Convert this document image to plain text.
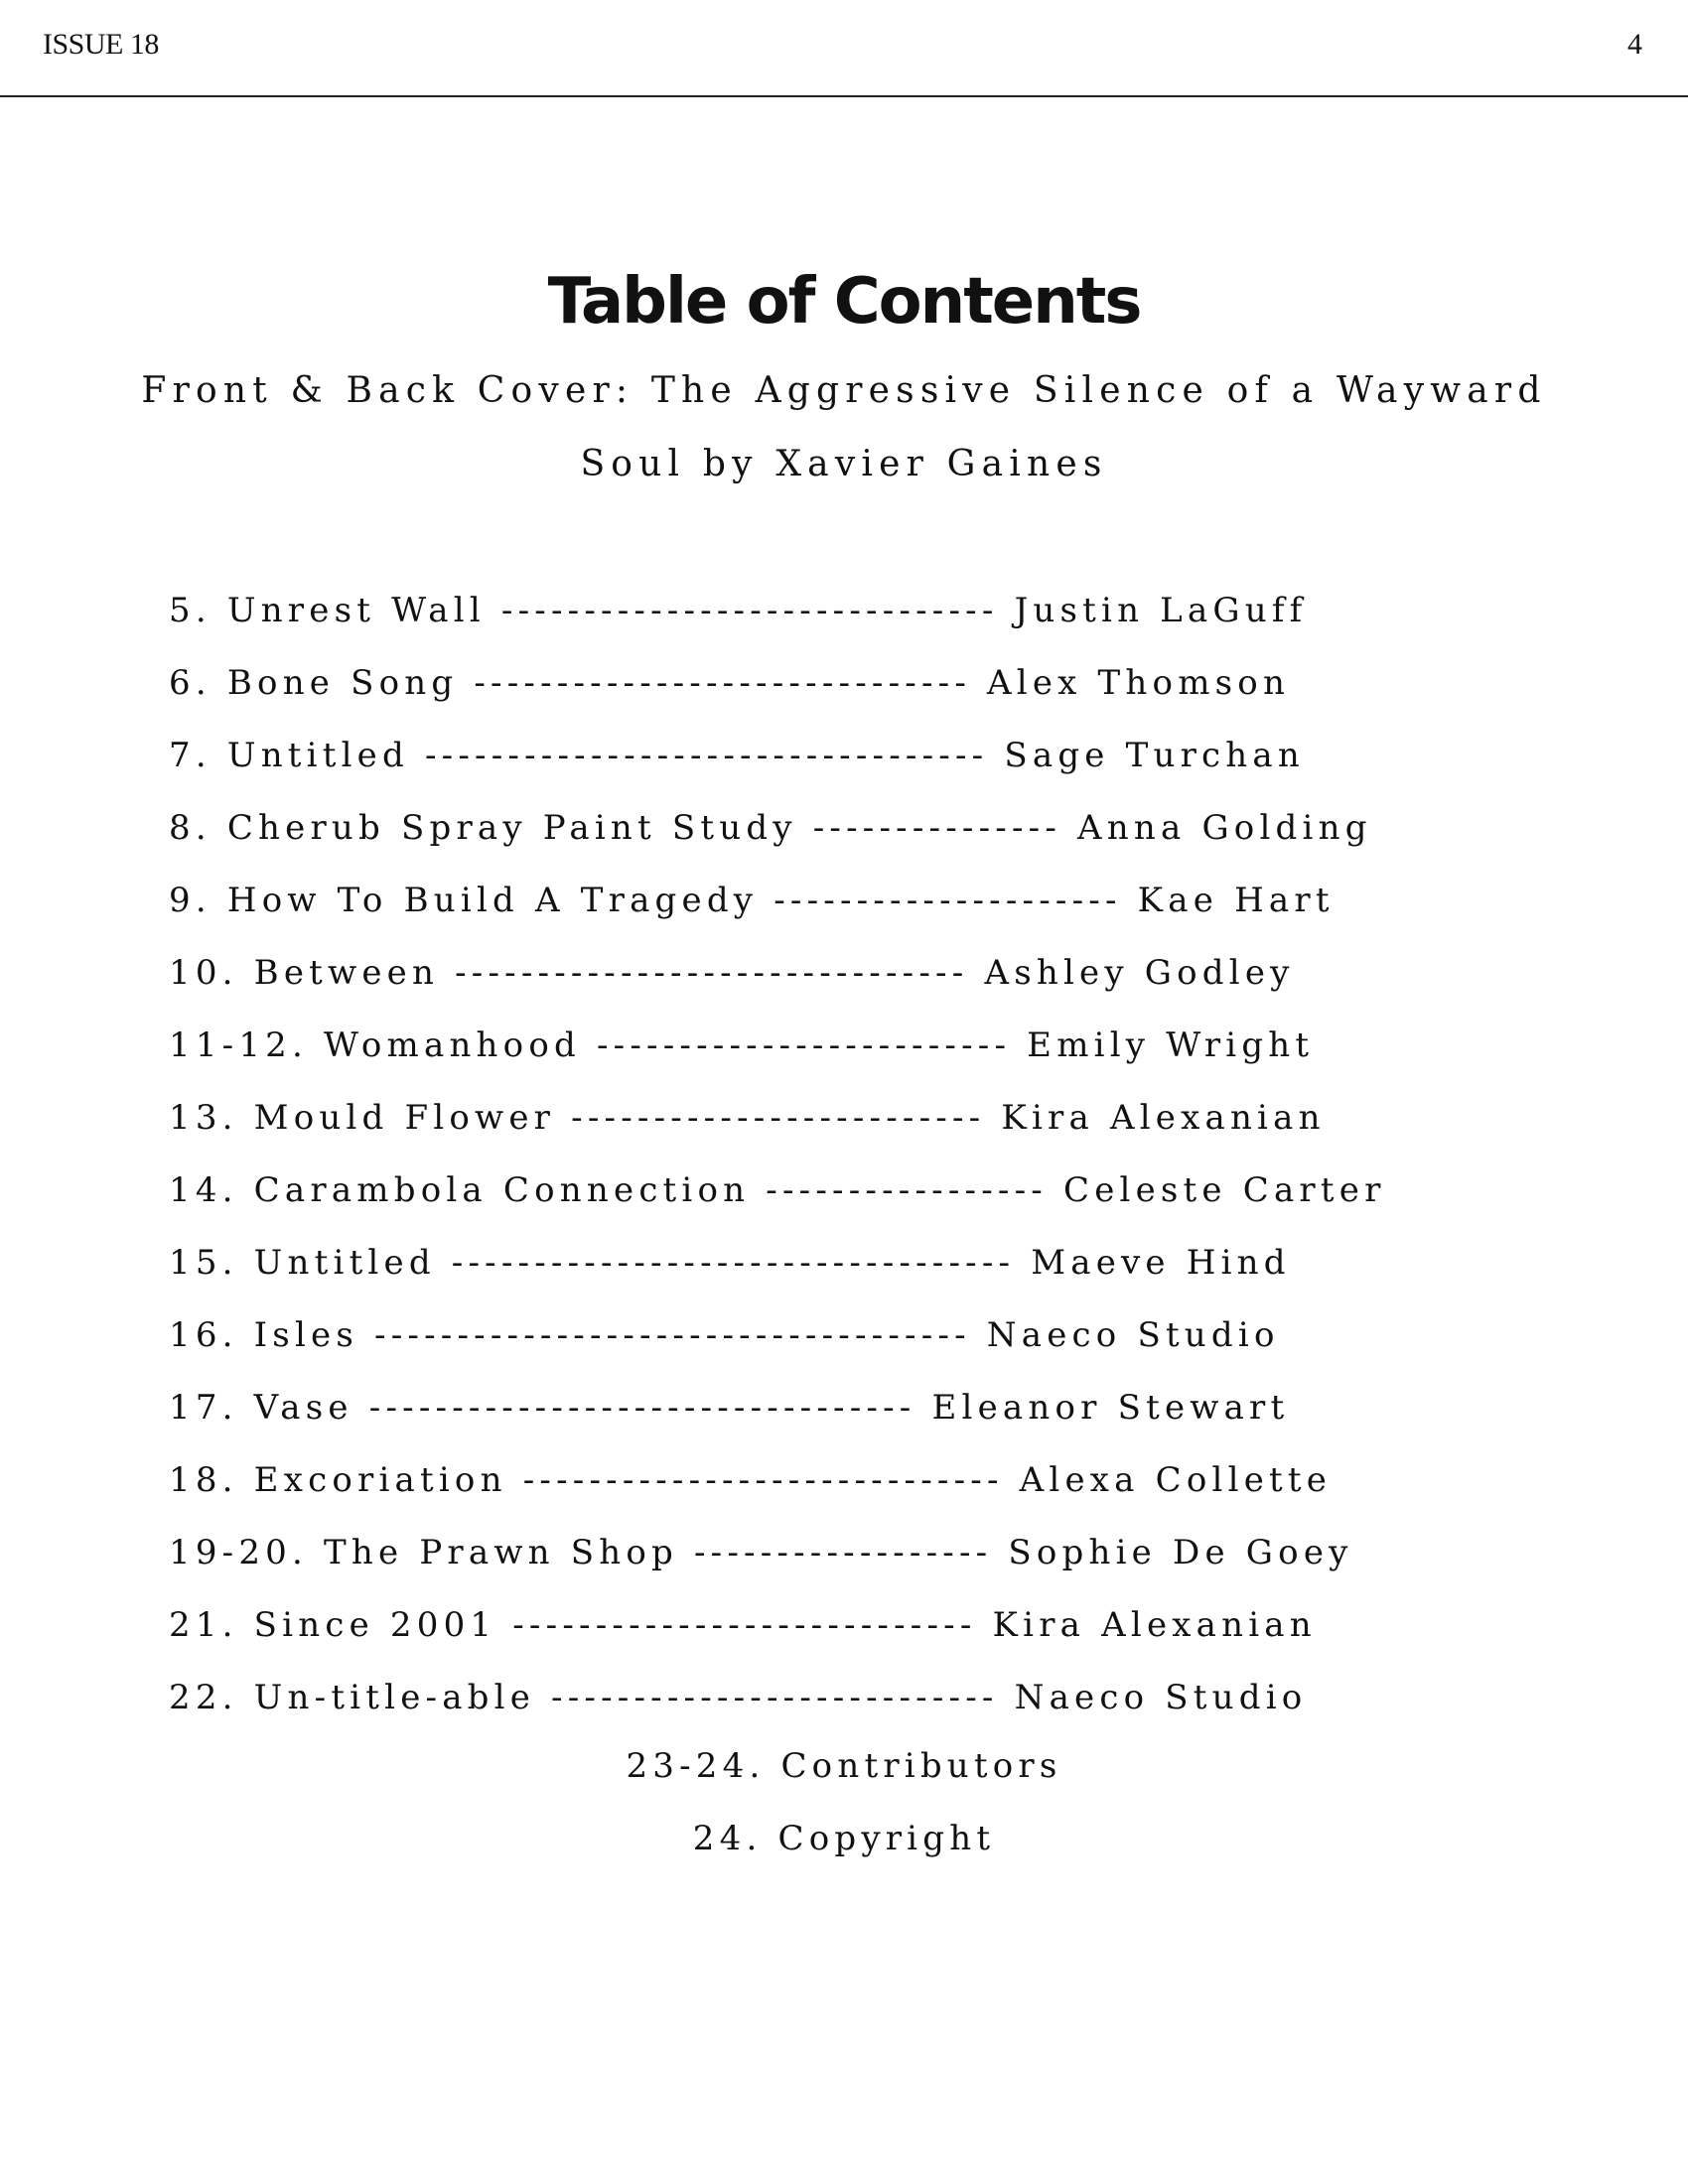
ISSUE 18	4
Table of Contents
Front & Back Cover: The Aggressive Silence of a Wayward
Soul by Xavier Gaines
5. Unrest Wall ------------------------------ Justin LaGuff
6. Bone Song ------------------------------ Alex Thomson
7. Untitled ---------------------------------- Sage Turchan
8. Cherub Spray Paint Study --------------- Anna Golding
9. How To Build A Tragedy --------------------- Kae Hart
10. Between ------------------------------- Ashley Godley
11-12. Womanhood ------------------------- Emily Wright
13. Mould Flower ------------------------- Kira Alexanian
14. Carambola Connection ----------------- Celeste Carter
15. Untitled ---------------------------------- Maeve Hind
16. Isles ------------------------------------ Naeco Studio
17. Vase --------------------------------- Eleanor Stewart
18. Excoriation ----------------------------- Alexa Collette
19-20. The Prawn Shop ------------------ Sophie De Goey
21. Since 2001 ---------------------------- Kira Alexanian
22. Un-title-able --------------------------- Naeco Studio
23-24. Contributors
24. Copyright
